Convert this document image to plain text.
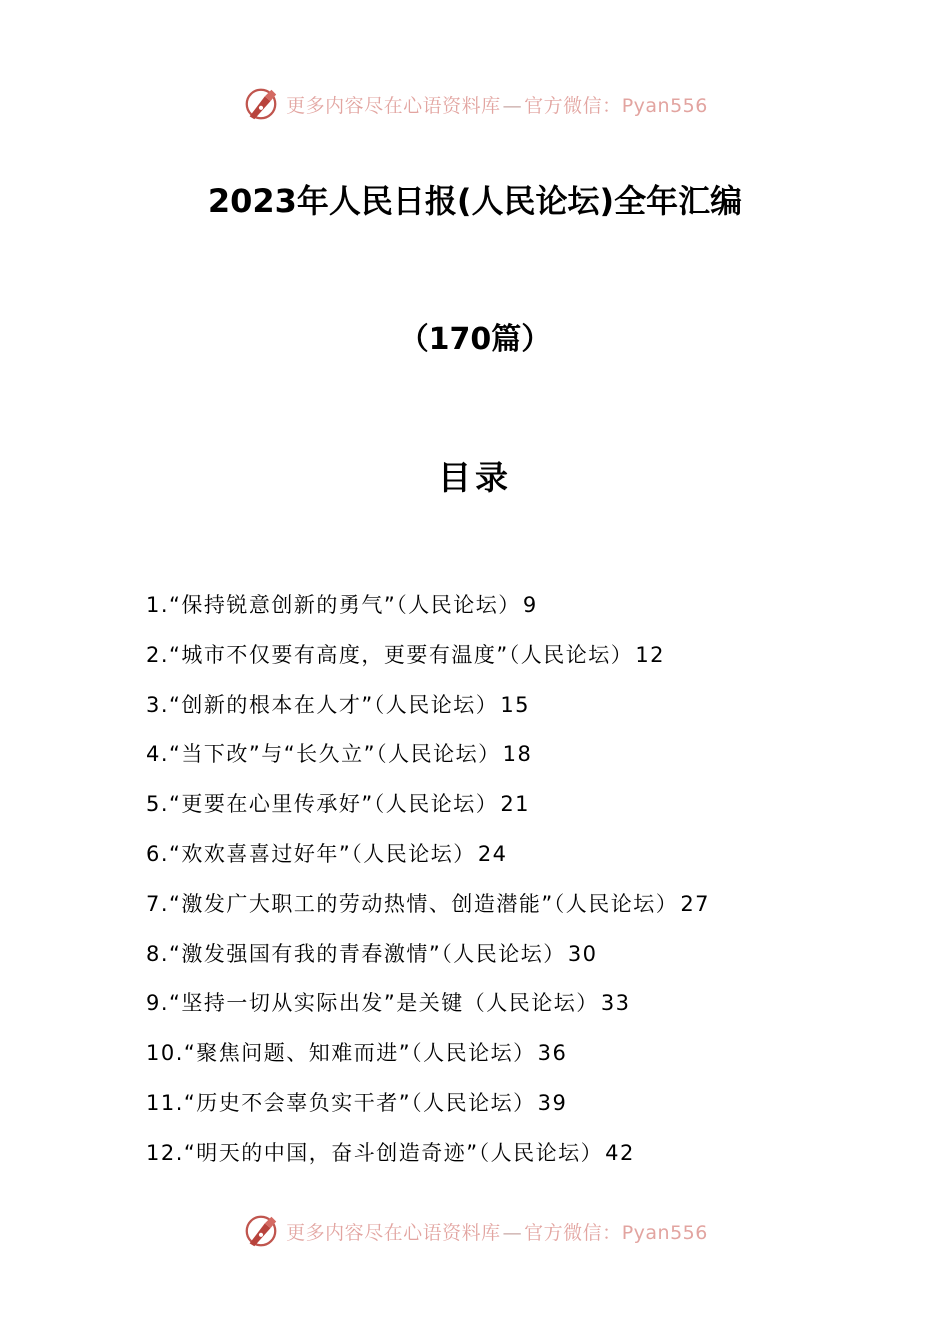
更多内容尽在心语资料库 — 官方微信：Pyan556
2023年人民日报(人民论坛)全年汇编
（170篇）
目录
1.“保持锐意创新的勇气”（人民论坛）9
2.“城市不仅要有高度，更要有温度”（人民论坛）12
3.“创新的根本在人才”（人民论坛）15
4.“当下改”与“长久立”（人民论坛）18
5.“更要在心里传承好”（人民论坛）21
6.“欢欢喜喜过好年”（人民论坛）24
7.“激发广大职工的劳动热情、创造潜能”（人民论坛）27
8.“激发强国有我的青春激情”（人民论坛）30
9.“坚持一切从实际出发”是关键（人民论坛）33
10.“聚焦问题、知难而进”（人民论坛）36
11.“历史不会辜负实干者”（人民论坛）39
12.“明天的中国，奋斗创造奇迹”（人民论坛）42
更多内容尽在心语资料库 — 官方微信：Pyan556
